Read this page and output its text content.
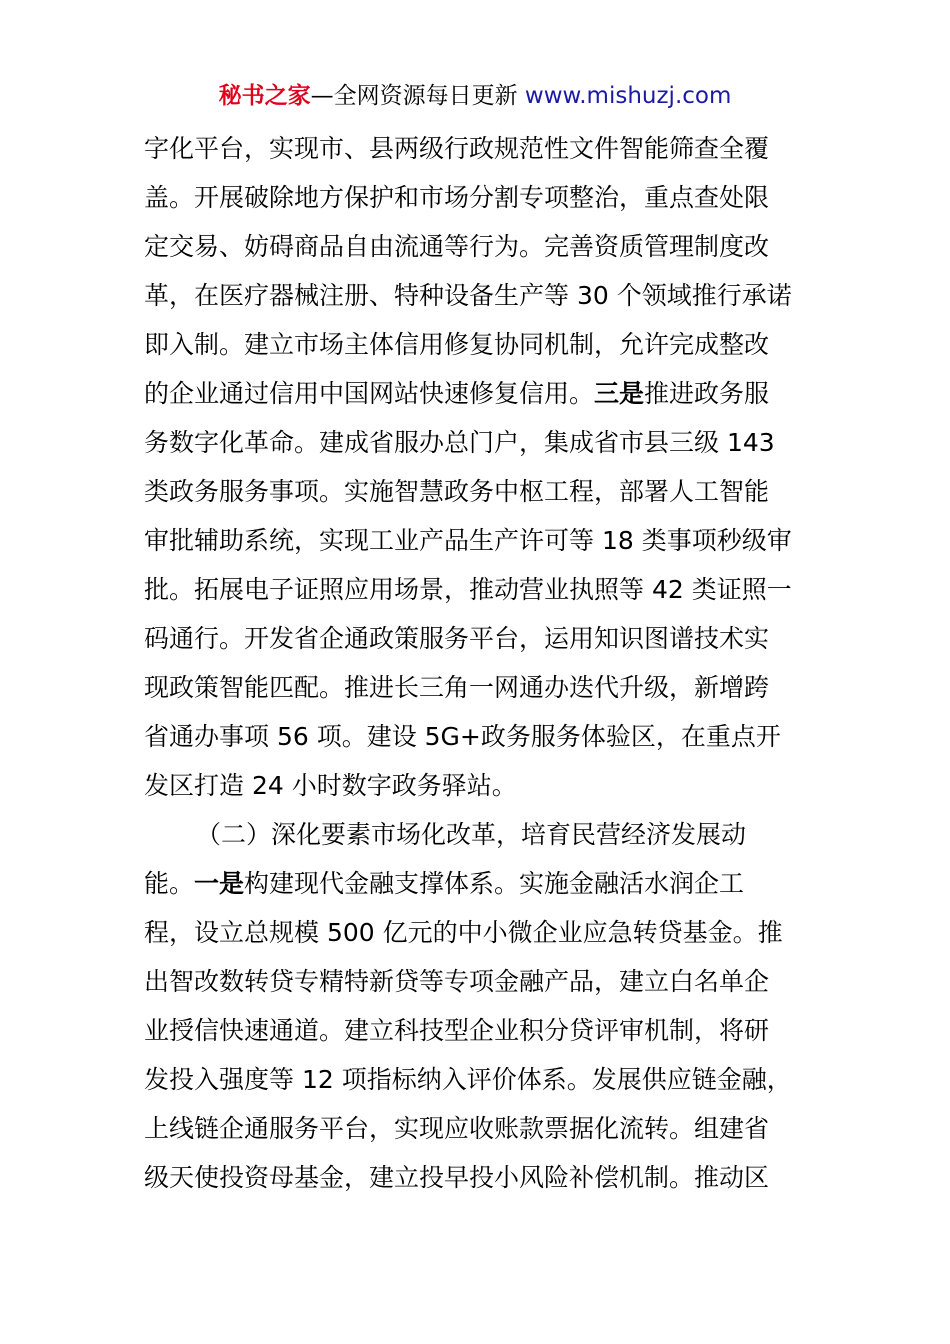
秘书之家—全网资源每日更新 www.mishuzj.com
字化平台，实现市、县两级行政规范性文件智能筛查全覆
盖。开展破除地方保护和市场分割专项整治，重点查处限
定交易、妨碍商品自由流通等行为。完善资质管理制度改
革，在医疗器械注册、特种设备生产等 30 个领域推行承诺
即入制。建立市场主体信用修复协同机制，允许完成整改
的企业通过信用中国网站快速修复信用。三是推进政务服
务数字化革命。建成省服办总门户，集成省市县三级 143
类政务服务事项。实施智慧政务中枢工程，部署人工智能
审批辅助系统，实现工业产品生产许可等 18 类事项秒级审
批。拓展电子证照应用场景，推动营业执照等 42 类证照一
码通行。开发省企通政策服务平台，运用知识图谱技术实
现政策智能匹配。推进长三角一网通办迭代升级，新增跨
省通办事项 56 项。建设 5G+政务服务体验区，在重点开
发区打造 24 小时数字政务驿站。
（二）深化要素市场化改革，培育民营经济发展动
能。一是构建现代金融支撑体系。实施金融活水润企工
程，设立总规模 500 亿元的中小微企业应急转贷基金。推
出智改数转贷专精特新贷等专项金融产品，建立白名单企
业授信快速通道。建立科技型企业积分贷评审机制，将研
发投入强度等 12 项指标纳入评价体系。发展供应链金融，
上线链企通服务平台，实现应收账款票据化流转。组建省
级天使投资母基金，建立投早投小风险补偿机制。推动区
